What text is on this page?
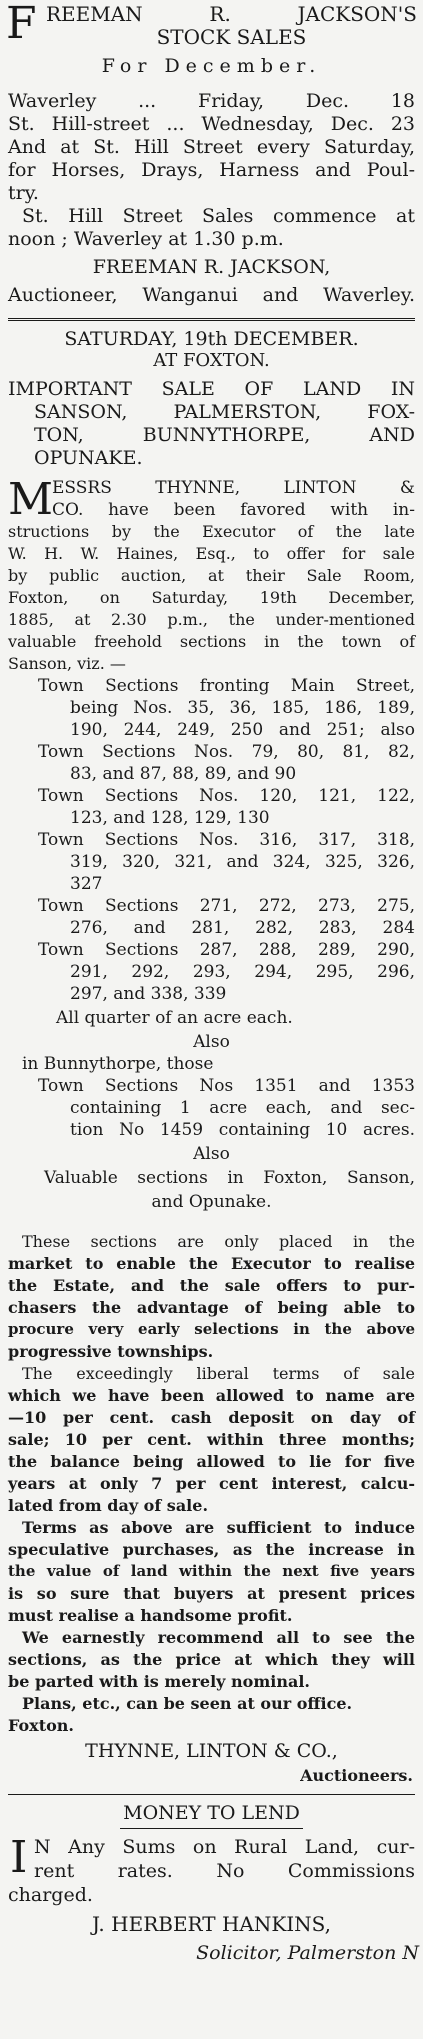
F REEMAN R. JACKSON'S
STOCK SALES
For December.
Waverley ... Friday, Dec. 18
St. Hill-street ... Wednesday, Dec. 23
And at St. Hill Street every Saturday,
for Horses, Drays, Harness and Poul-
try.
St. Hill Street Sales commence at
noon ; Waverley at 1.30 p.m.
FREEMAN R. JACKSON,
Auctioneer, Wanganui and Waverley.
SATURDAY, 19th DECEMBER.
AT FOXTON.
IMPORTANT SALE OF LAND IN
SANSON, PALMERSTON, FOX-
TON, BUNNYTHORPE, AND
OPUNAKE.
M
ESSRS THYNNE, LINTON &
CO. have been favored with in-
structions by the Executor of the late
W. H. W. Haines, Esq., to offer for sale
by public auction, at their Sale Room,
Foxton, on Saturday, 19th December,
1885, at 2.30 p.m., the under-mentioned
valuable freehold sections in the town of
Sanson, viz. —
Town Sections fronting Main Street,
being Nos. 35, 36, 185, 186, 189,
190, 244, 249, 250 and 251; also
Town Sections Nos. 79, 80, 81, 82,
83, and 87, 88, 89, and 90
Town Sections Nos. 120, 121, 122,
123, and 128, 129, 130
Town Sections Nos. 316, 317, 318,
319, 320, 321, and 324, 325, 326,
327
Town Sections 271, 272, 273, 275,
276, and 281, 282, 283, 284
Town Sections 287, 288, 289, 290,
291, 292, 293, 294, 295, 296,
297, and 338, 339
All quarter of an acre each.
Also
in Bunnythorpe, those
Town Sections Nos 1351 and 1353
containing 1 acre each, and sec-
tion No 1459 containing 10 acres.
Also
Valuable sections in Foxton, Sanson,
and Opunake.
These sections are only placed in the
market to enable the Executor to realise
the Estate, and the sale offers to pur-
chasers the advantage of being able to
procure very early selections in the above
progressive townships.
The exceedingly liberal terms of sale
which we have been allowed to name are
—10 per cent. cash deposit on day of
sale; 10 per cent. within three months;
the balance being allowed to lie for five
years at only 7 per cent interest, calcu-
lated from day of sale.
Terms as above are sufficient to induce
speculative purchases, as the increase in
the value of land within the next five years
is so sure that buyers at present prices
must realise a handsome profit.
We earnestly recommend all to see the
sections, as the price at which they will
be parted with is merely nominal.
Plans, etc., can be seen at our office.
Foxton.
THYNNE, LINTON & CO.,
Auctioneers.
MONEY TO LEND
I N Any Sums on Rural Land, cur-
rent rates. No Commissions
charged.
J. HERBERT HANKINS,
Solicitor, Palmerston N
